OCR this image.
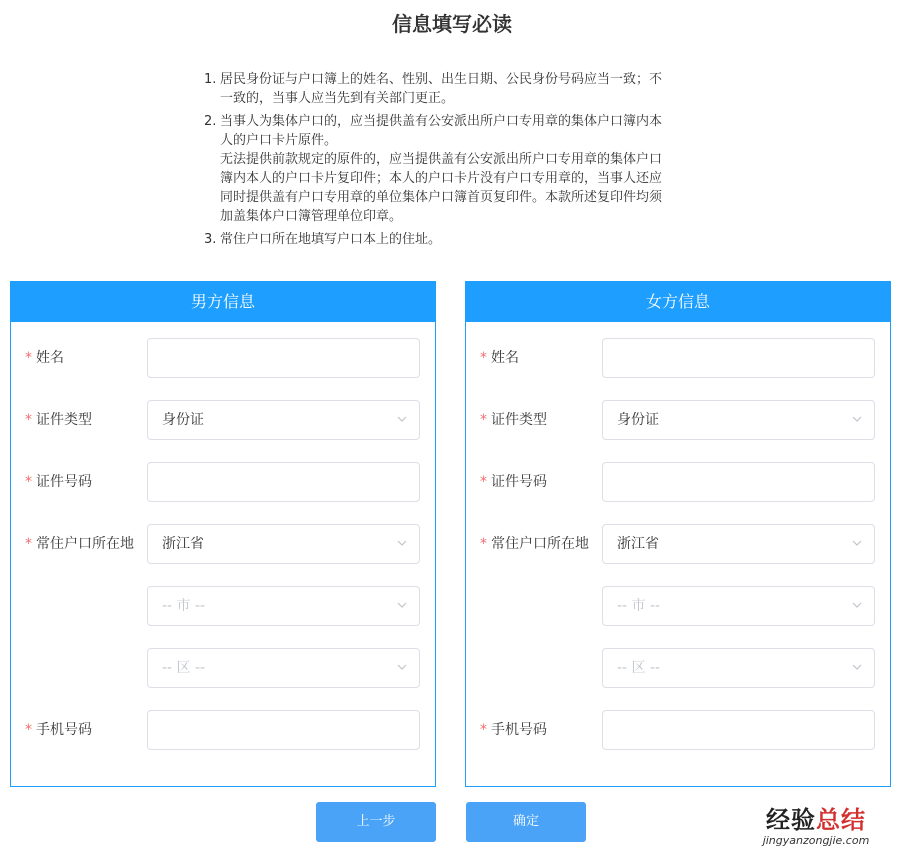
信息填写必读
1. 居民身份证与户口簿上的姓名、性别、出生日期、公民身份号码应当一致；不一致的，当事人应当先到有关部门更正。
2. 当事人为集体户口的，应当提供盖有公安派出所户口专用章的集体户口簿内本人的户口卡片原件。
无法提供前款规定的原件的，应当提供盖有公安派出所户口专用章的集体户口簿内本人的户口卡片复印件；本人的户口卡片没有户口专用章的，当事人还应同时提供盖有户口专用章的单位集体户口簿首页复印件。本款所述复印件均须加盖集体户口簿管理单位印章。
3. 常住户口所在地填写户口本上的住址。
男方信息
* 姓名
* 证件类型	身份证
* 证件号码
* 常住户口所在地	浙江省
-- 市 --
-- 区 --
* 手机号码
女方信息
* 姓名
* 证件类型	身份证
* 证件号码
* 常住户口所在地	浙江省
-- 市 --
-- 区 --
* 手机号码
上一步	确定	经验总结
jingyanzongjie.com
